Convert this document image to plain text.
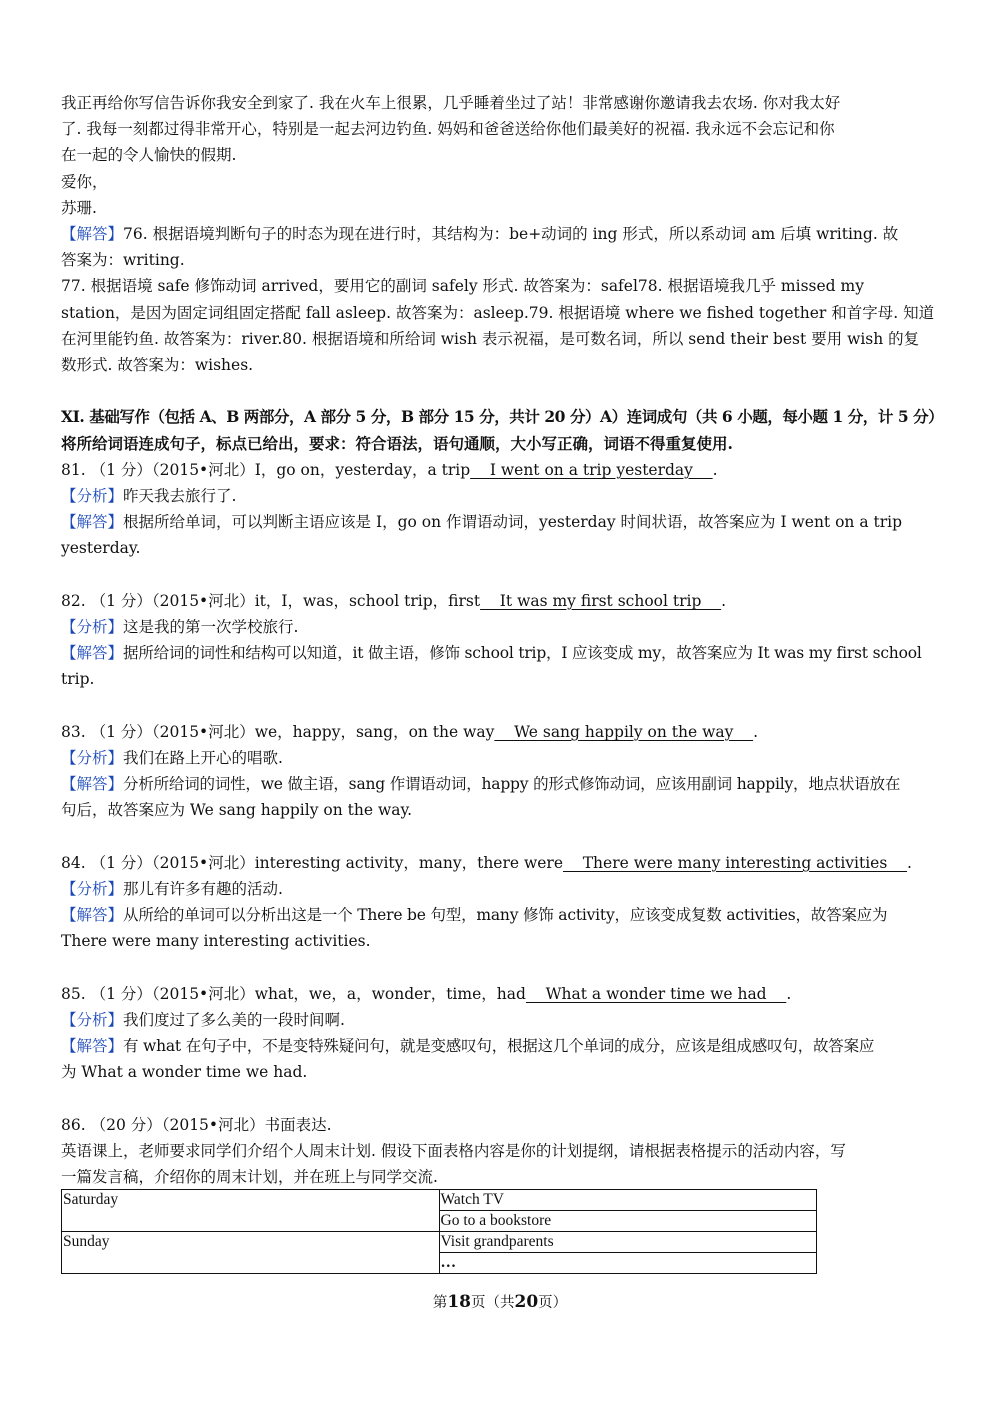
我正再给你写信告诉你我安全到家了. 我在火车上很累，几乎睡着坐过了站！非常感谢你邀请我去农场. 你对我太好
了. 我每一刻都过得非常开心，特别是一起去河边钓鱼. 妈妈和爸爸送给你他们最美好的祝福. 我永远不会忘记和你
在一起的令人愉快的假期.
爱你，
苏珊.
【解答】76. 根据语境判断句子的时态为现在进行时，其结构为：be+动词的 ing 形式，所以系动词 am 后填 writing. 故
答案为：writing.
77. 根据语境 safe 修饰动词 arrived，要用它的副词 safely 形式. 故答案为：safel78. 根据语境我几乎 missed my
station，是因为固定词组固定搭配 fall asleep. 故答案为：asleep.79. 根据语境 where we fished together 和首字母. 知道
在河里能钓鱼. 故答案为：river.80. 根据语境和所给词 wish 表示祝福，是可数名词，所以 send their best 要用 wish 的复
数形式. 故答案为：wishes.
XI. 基础写作（包括 A、B 两部分，A 部分 5 分，B 部分 15 分，共计 20 分）A）连词成句（共 6 小题，每小题 1 分，计 5 分）
将所给词语连成句子，标点已给出，要求：符合语法，语句通顺，大小写正确，词语不得重复使用.
81. （1 分）（2015•河北）I，go on，yesterday，a trip    I went on a trip yesterday    .
【分析】昨天我去旅行了.
【解答】根据所给单词，可以判断主语应该是 I，go on 作谓语动词，yesterday 时间状语，故答案应为 I went on a trip
yesterday.
82. （1 分）（2015•河北）it，I，was，school trip，first    It was my first school trip    .
【分析】这是我的第一次学校旅行.
【解答】据所给词的词性和结构可以知道，it 做主语，修饰 school trip，I 应该变成 my，故答案应为 It was my first school
trip.
83. （1 分）（2015•河北）we，happy，sang，on the way    We sang happily on the way    .
【分析】我们在路上开心的唱歌.
【解答】分析所给词的词性，we 做主语，sang 作谓语动词，happy 的形式修饰动词，应该用副词 happily，地点状语放在
句后，故答案应为 We sang happily on the way.
84. （1 分）（2015•河北）interesting activity，many，there were    There were many interesting activities    .
【分析】那儿有许多有趣的活动.
【解答】从所给的单词可以分析出这是一个 There be 句型，many 修饰 activity，应该变成复数 activities，故答案应为
There were many interesting activities.
85. （1 分）（2015•河北）what，we，a，wonder，time，had    What a wonder time we had    .
【分析】我们度过了多么美的一段时间啊.
【解答】有 what 在句子中，不是变特殊疑问句，就是变感叹句，根据这几个单词的成分，应该是组成感叹句，故答案应
为 What a wonder time we had.
86. （20 分）（2015•河北）书面表达.
英语课上，老师要求同学们介绍个人周末计划. 假设下面表格内容是你的计划提纲，请根据表格提示的活动内容，写
一篇发言稿，介绍你的周末计划，并在班上与同学交流.
Saturday	Watch TV
	Go to a bookstore
Sunday	Visit grandparents
	…
第18页（共20页）
